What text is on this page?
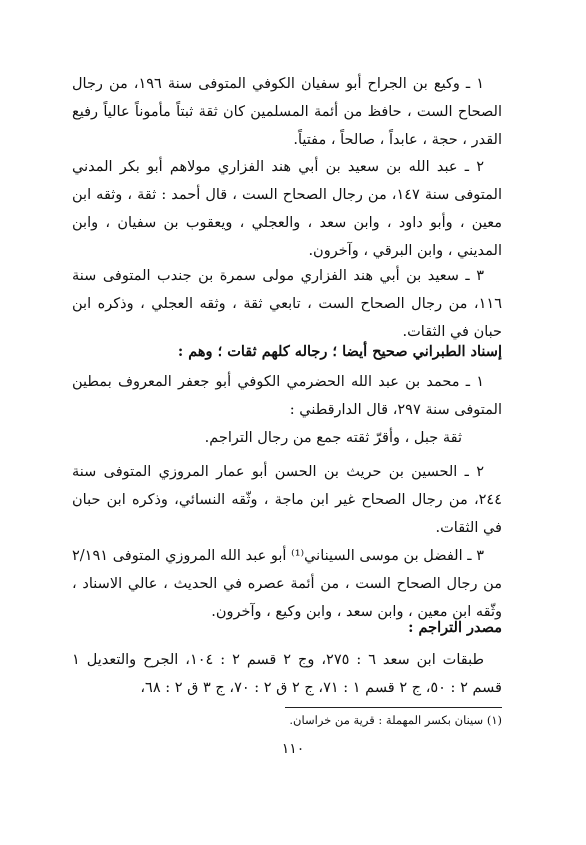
١ ـ وكيع بن الجراح أبو سفيان الكوفي المتوفى سنة ١٩٦، من رجال الصحاح الست ، حافظ من أئمة المسلمين كان ثقة ثبتاً مأموناً عالياً رفيع القدر ، حجة ، عابداً ، صالحاً ، مفتياً.

٢ ـ عبد الله بن سعيد بن أبي هند الفزاري مولاهم أبو بكر المدني المتوفى سنة ١٤٧، من رجال الصحاح الست ، قال أحمد : ثقة ، وثقه ابن معين ، وأبو داود ، وابن سعد ، والعجلي ، ويعقوب بن سفيان ، وابن المديني ، وابن البرقي ، وآخرون.

٣ ـ سعيد بن أبي هند الفزاري مولى سمرة بن جندب المتوفى سنة ١١٦، من رجال الصحاح الست ، تابعي ثقة ، وثقه العجلي ، وذكره ابن حبان في الثقات.

إسناد الطبراني صحيح أيضا ؛ رجاله كلهم ثقات ؛ وهم :

١ ـ محمد بن عبد الله الحضرمي الكوفي أبو جعفر المعروف بمطين المتوفى سنة ٢٩٧، قال الدارقطني :

ثقة جبل ، وأقرّ ثقته جمع من رجال التراجم.

٢ ـ الحسين بن حريث بن الحسن أبو عمار المروزي المتوفى سنة ٢٤٤، من رجال الصحاح غير ابن ماجة ، وثّقه النسائي، وذكره ابن حبان في الثقات.

٣ ـ الفضل بن موسى السيناني⁽¹⁾ أبو عبد الله المروزي المتوفى ٢/١٩١ من رجال الصحاح الست ، من أئمة عصره في الحديث ، عالي الاسناد ، وثّقه ابن معين ، وابن سعد ، وابن وكيع ، وآخرون.

مصدر التراجم :

طبقات ابن سعد ٦ : ٢٧٥، وج ٢ قسم ٢ : ١٠٤، الجرح والتعديل ١ قسم ٢ : ٥٠، ج ٢ قسم ١ : ٧١، ج ٢ ق ٢ : ٧٠، ج ٣ ق ٢ : ٦٨،

(١) سينان بكسر المهملة : قرية من خراسان.

١١٠
